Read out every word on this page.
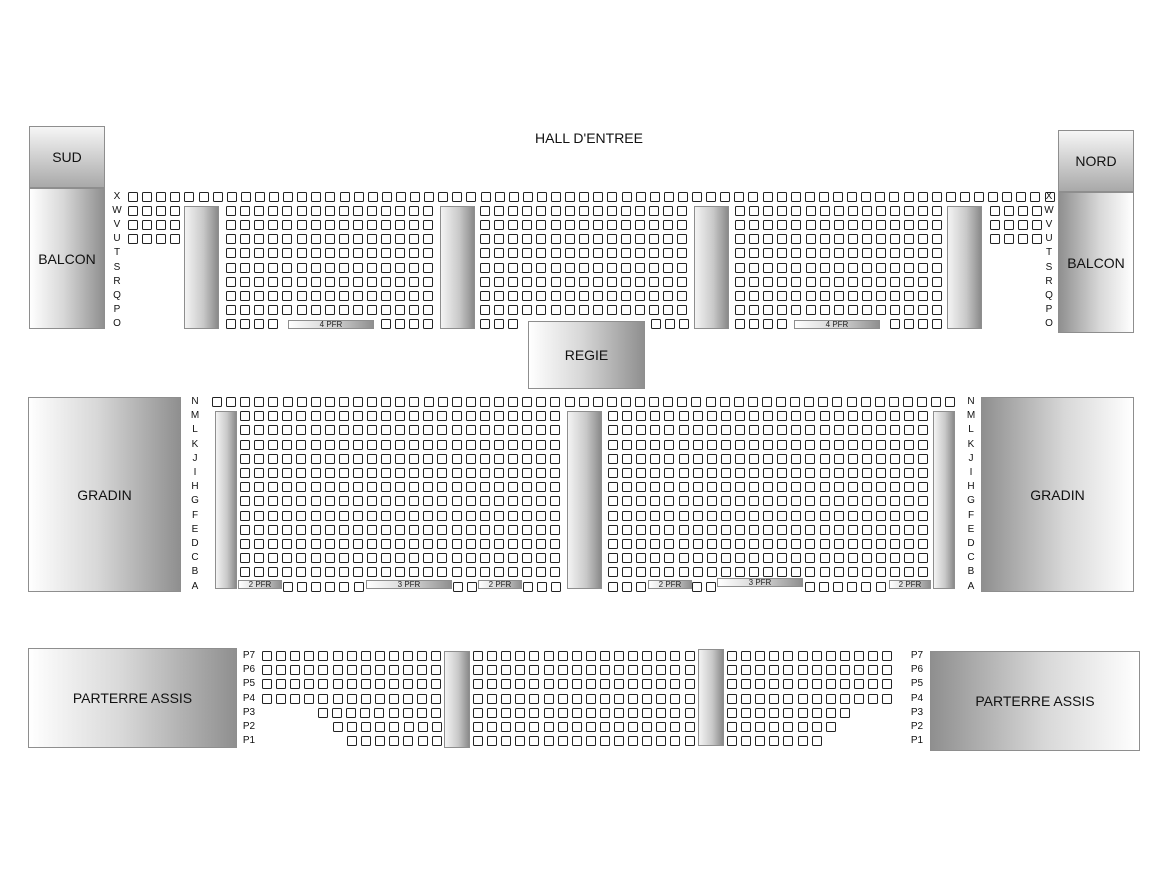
HALL D'ENTREE
SUD
BALCON
NORD
BALCON
REGIE
GRADIN	GRADIN
PARTERRE ASSIS	PARTERRE ASSIS
4 PFR	4 PFR
2 PFR	3 PFR	2 PFR	2 PFR	3 PFR	2 PFR
X	X
W	W
V	V
U	U
T	T
S	S
R	R
Q	Q
P	P
O	O
N	N
M	M
L	L
K	K
J	J
I	I
H	H
G	G
F	F
E	E
D	D
C	C
B	B
A	A
P7	P7
P6	P6
P5	P5
P4	P4
P3	P3
P2	P2
P1	P1
